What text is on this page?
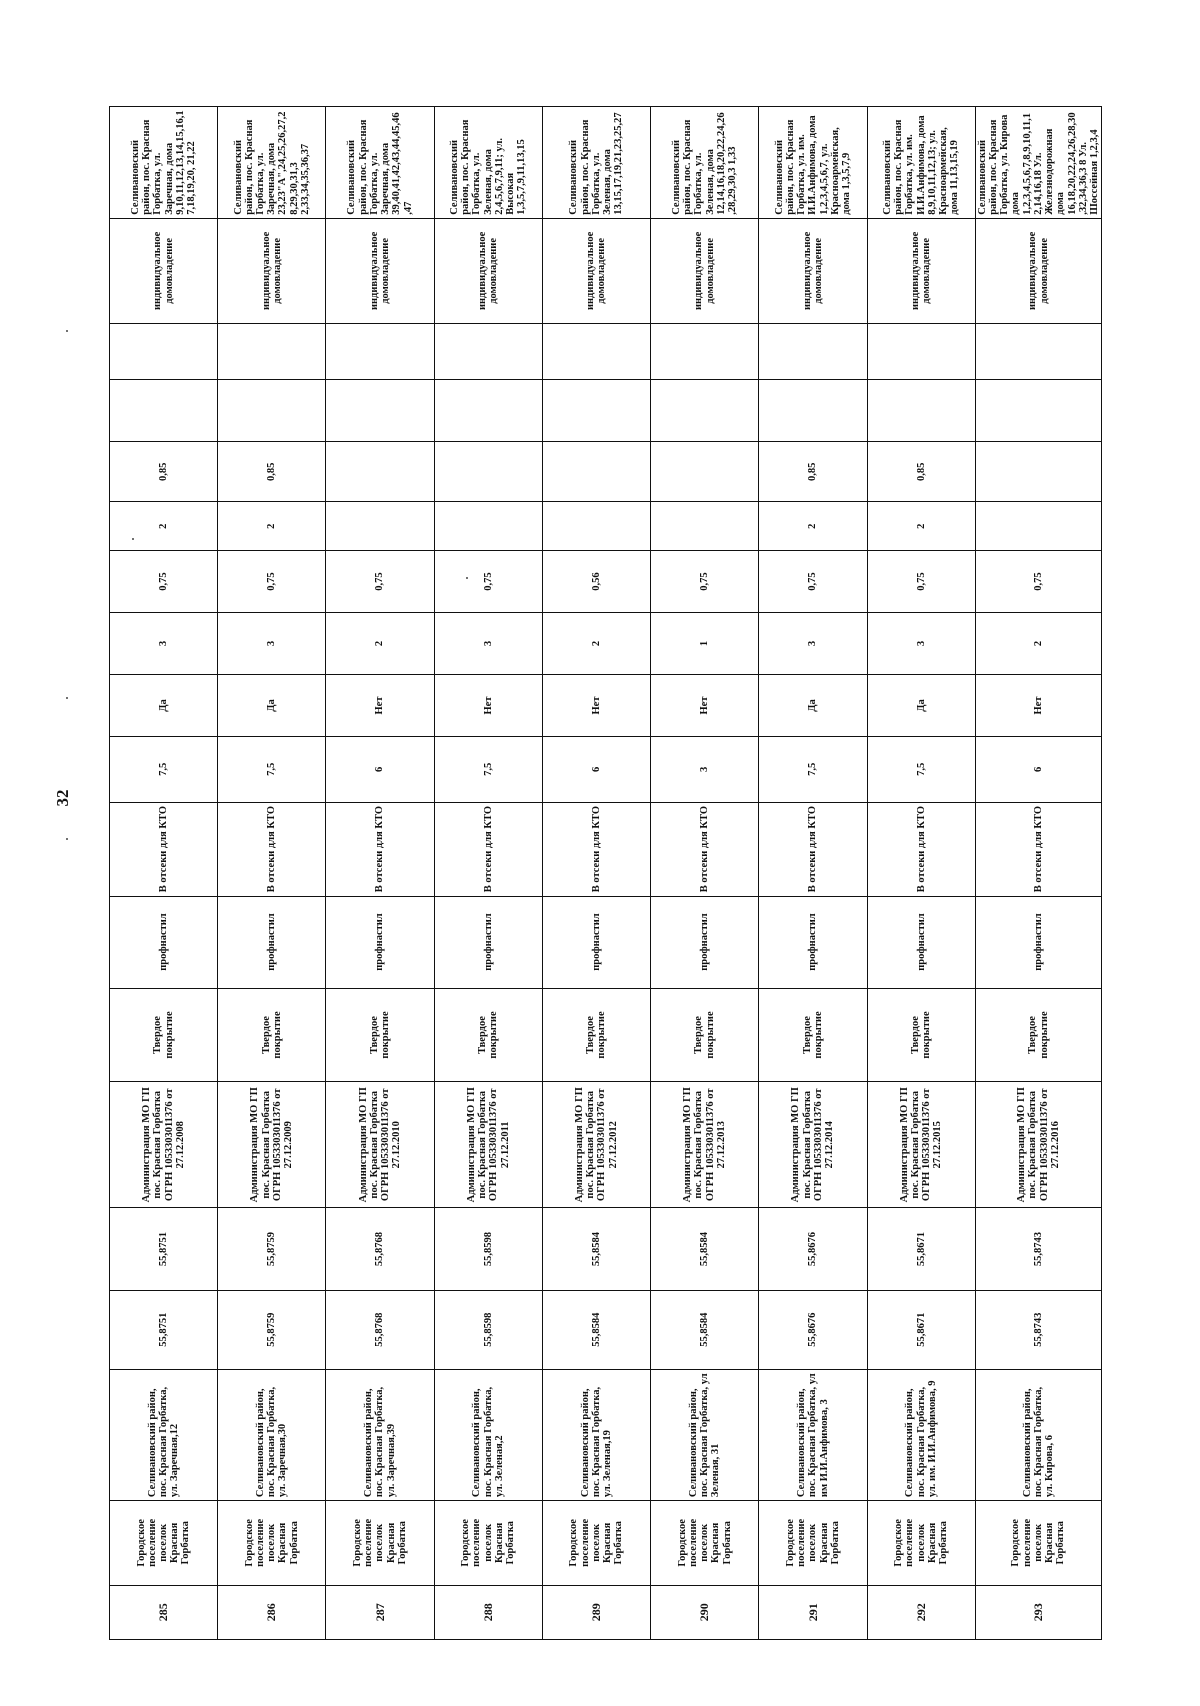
32
285	Городское поселение поселок Красная Горбатка	Селивановский район, пос. Красная Горбатка, ул. Заречная,12	55,8751	55,8751	Администрация МО ГП пос. Красная Горбатка ОГРН 1053303011376 от 27.12.2008	Твердое покрытие	профнастил	В отсеки для КТО	7,5	Да	3	0,75	2	0,85			индивидуальное домовладение	Селивановский район, пос. Красная Горбатка, ул. Заречная, дома 9,10,11,12,13,14,15,16,17,18,19,20, 21,22
286	Городское поселение поселок Красная Горбатка	Селивановский район, пос. Красная Горбатка, ул. Заречная,30	55,8759	55,8759	Администрация МО ГП пос. Красная Горбатка ОГРН 1053303011376 от 27.12.2009	Твердое покрытие	профнастил	В отсеки для КТО	7,5	Да	3	0,75	2	0,85			индивидуальное домовладение	Селивановский район, пос. Красная Горбатка, ул. Заречная, дома 23,23"А",24,25,26,27,28,29,30,31,3 2,33,34,35,36,37
287	Городское поселение поселок Красная Горбатка	Селивановский район, пос. Красная Горбатка, ул. Заречная,39	55,8768	55,8768	Администрация МО ГП пос. Красная Горбатка ОГРН 1053303011376 от 27.12.2010	Твердое покрытие	профнастил	В отсеки для КТО	6	Нет	2	0,75					индивидуальное домовладение	Селивановский район, пос. Красная Горбатка, ул. Заречная, дома 39,40,41,42,43,44,45,46,47
288	Городское поселение поселок Красная Горбатка	Селивановский район, пос. Красная Горбатка, ул. Зеленая,2	55,8598	55,8598	Администрация МО ГП пос. Красная Горбатка ОГРН 1053303011376 от 27.12.2011	Твердое покрытие	профнастил	В отсеки для КТО	7,5	Нет	3	0,75					индивидуальное домовладение	Селивановский район, пос. Красная Горбатка, ул. Зеленая, дома 2,4,5,6,7,9,11; ул. Высокая 1,3,5,7,9,11,13,15
289	Городское поселение поселок Красная Горбатка	Селивановский район, пос. Красная Горбатка, ул. Зеленая,19	55,8584	55,8584	Администрация МО ГП пос. Красная Горбатка ОГРН 1053303011376 от 27.12.2012	Твердое покрытие	профнастил	В отсеки для КТО	6	Нет	2	0,56					индивидуальное домовладение	Селивановский район, пос. Красная Горбатка, ул. Зеленая, дома 13,15,17,19,21,23,25,27
290	Городское поселение поселок Красная Горбатка	Селивановский район, пос. Красная Горбатка, ул Зеленая, 31	55,8584	55,8584	Администрация МО ГП пос. Красная Горбатка ОГРН 1053303011376 от 27.12.2013	Твердое покрытие	профнастил	В отсеки для КТО	3	Нет	1	0,75					индивидуальное домовладение	Селивановский район, пос. Красная Горбатка, ул. Зеленая, дома 12,14,16,18,20,22,24,26,28,29,30,3 1,33
291	Городское поселение поселок Красная Горбатка	Селивановский район, пос. Красная Горбатка, ул им И.И.Анфимова, 3	55,8676	55,8676	Администрация МО ГП пос. Красная Горбатка ОГРН 1053303011376 от 27.12.2014	Твердое покрытие	профнастил	В отсеки для КТО	7,5	Да	3	0,75	2	0,85			индивидуальное домовладение	Селивановский район, пос. Красная Горбатка, ул. им. И.И.Анфимова, дома 1,2,3,4,5,6,7, ул. Красноармейская, дома 1,3,5,7,9
292	Городское поселение поселок Красная Горбатка	Селивановский район, пос. Красная Горбатка, ул. им. И.И.Анфимова, 9	55,8671	55,8671	Администрация МО ГП пос. Красная Горбатка ОГРН 1053303011376 от 27.12.2015	Твердое покрытие	профнастил	В отсеки для КТО	7,5	Да	3	0,75	2	0,85			индивидуальное домовладение	Селивановский район, пос. Красная Горбатка, ул. им. И.И.Анфимова, дома 8,9,10,11,12,13; ул. Красноармейская, дома 11,13,15,19
293	Городское поселение поселок Красная Горбатка	Селивановский район, пос. Красная Горбатка, ул. Кирова, 6	55,8743	55,8743	Администрация МО ГП пос. Красная Горбатка ОГРН 1053303011376 от 27.12.2016	Твердое покрытие	профнастил	В отсеки для КТО	6	Нет	2	0,75					индивидуальное домовладение	Селивановский район, пос. Красная Горбатка, ул. Кирова дома 1,2,3,4,5,6,7,8,9,10,11,12,14,16,18 Ул. Железнодорожная дома 16,18,20,22,24,26,28,30,32,34,36,3 8 Ул. Шоссейная 1,2,3,4
